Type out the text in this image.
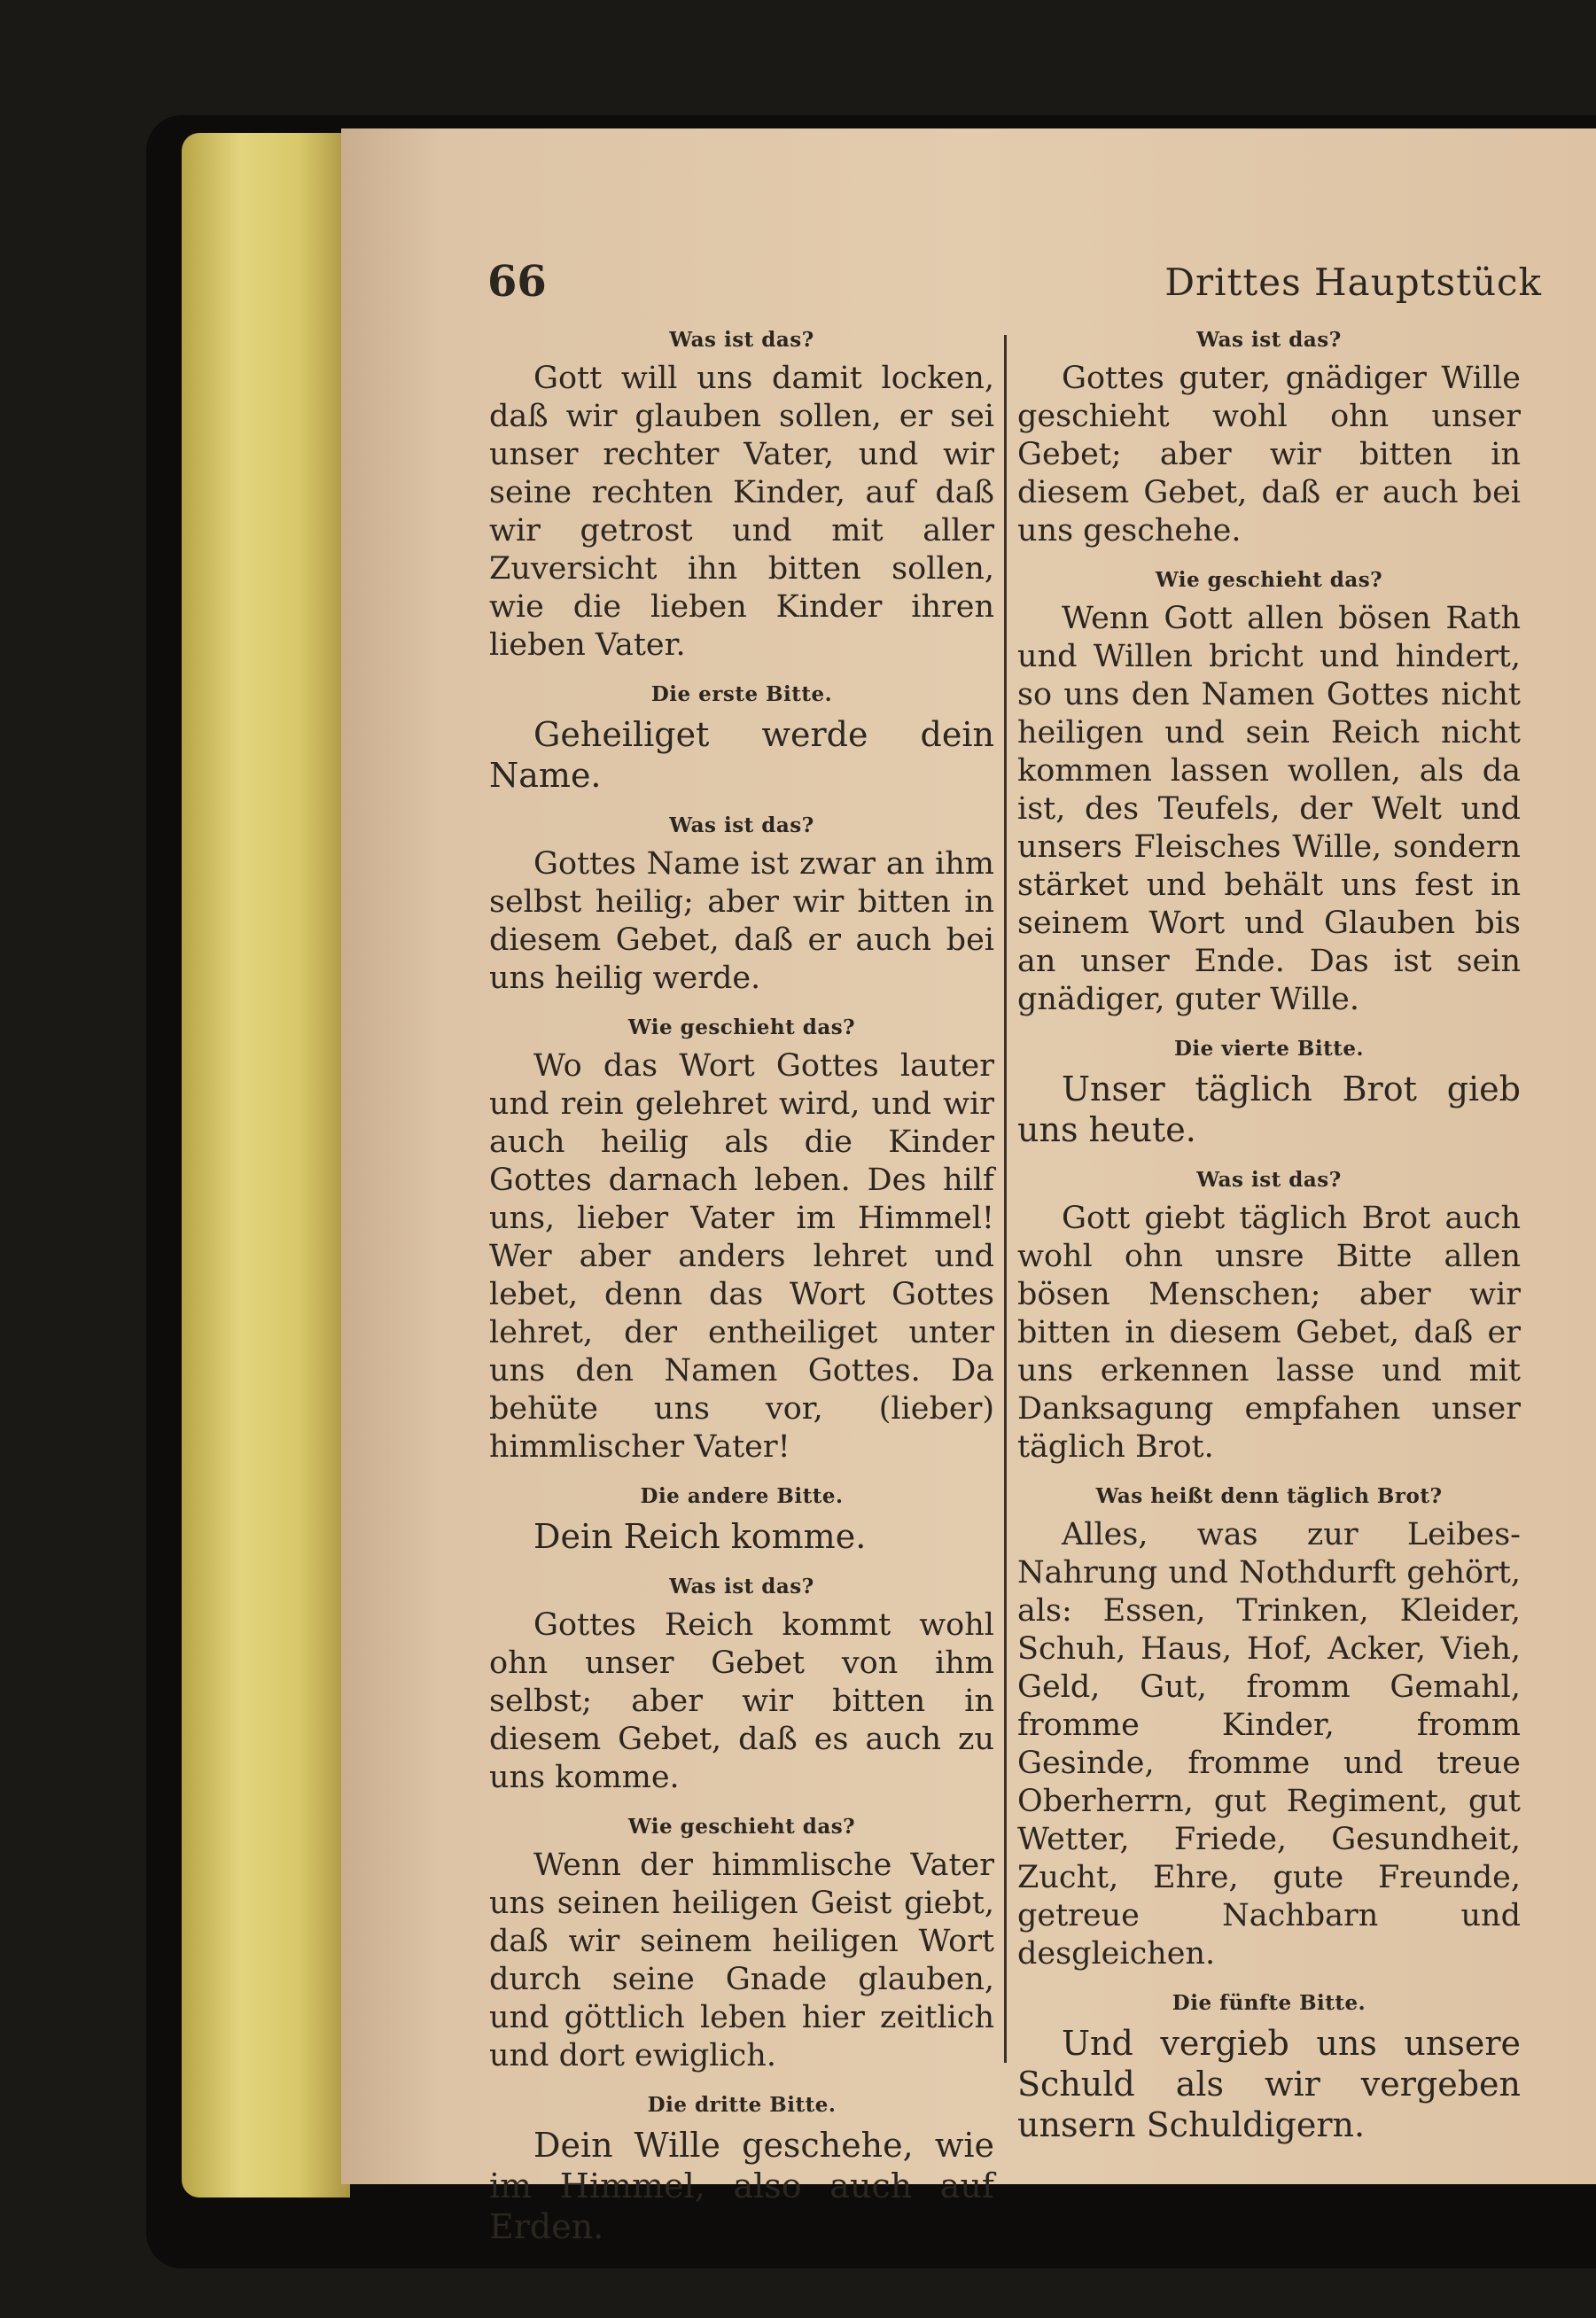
66	Drittes Hauptstück
Was ist das?

Gott will uns damit locken, daß wir glauben sollen, er sei unser rechter Vater, und wir seine rechten Kinder, auf daß wir getrost und mit aller Zuversicht ihn bitten sollen, wie die lieben Kinder ihren lieben Vater.

Die erste Bitte.

Geheiliget werde dein Name.

Was ist das?

Gottes Name ist zwar an ihm selbst heilig; aber wir bitten in diesem Gebet, daß er auch bei uns heilig werde.

Wie geschieht das?

Wo das Wort Gottes lauter und rein gelehret wird, und wir auch heilig als die Kinder Gottes darnach leben. Des hilf uns, lieber Vater im Himmel! Wer aber anders lehret und lebet, denn das Wort Gottes lehret, der entheiliget unter uns den Namen Gottes. Da behüte uns vor, (lieber) himmlischer Vater!

Die andere Bitte.

Dein Reich komme.

Was ist das?

Gottes Reich kommt wohl ohn unser Gebet von ihm selbst; aber wir bitten in diesem Gebet, daß es auch zu uns komme.

Wie geschieht das?

Wenn der himmlische Vater uns seinen heiligen Geist giebt, daß wir seinem heiligen Wort durch seine Gnade glauben, und göttlich leben hier zeitlich und dort ewiglich.

Die dritte Bitte.

Dein Wille geschehe, wie im Himmel, also auch auf Erden.

Was ist das?

Gottes guter, gnädiger Wille geschieht wohl ohn unser Gebet; aber wir bitten in diesem Gebet, daß er auch bei uns geschehe.

Wie geschieht das?

Wenn Gott allen bösen Rath und Willen bricht und hindert, so uns den Namen Gottes nicht heiligen und sein Reich nicht kommen lassen wollen, als da ist, des Teufels, der Welt und unsers Fleisches Wille, sondern stärket und behält uns fest in seinem Wort und Glauben bis an unser Ende. Das ist sein gnädiger, guter Wille.

Die vierte Bitte.

Unser täglich Brot gieb uns heute.

Was ist das?

Gott giebt täglich Brot auch wohl ohn unsre Bitte allen bösen Menschen; aber wir bitten in diesem Gebet, daß er uns erkennen lasse und mit Danksagung empfahen unser täglich Brot.

Was heißt denn täglich Brot?

Alles, was zur Leibes-Nahrung und Nothdurft gehört, als: Essen, Trinken, Kleider, Schuh, Haus, Hof, Acker, Vieh, Geld, Gut, fromm Gemahl, fromme Kinder, fromm Gesinde, fromme und treue Oberherrn, gut Regiment, gut Wetter, Friede, Gesundheit, Zucht, Ehre, gute Freunde, getreue Nachbarn und desgleichen.

Die fünfte Bitte.

Und vergieb uns unsere Schuld als wir vergeben unsern Schuldigern.
